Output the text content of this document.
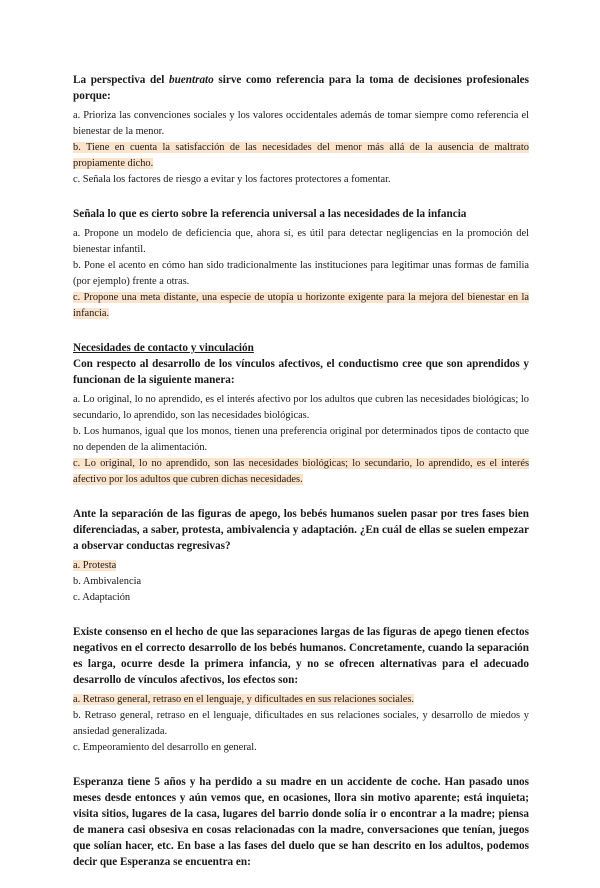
La perspectiva del buentrato sirve como referencia para la toma de decisiones profesionales porque:

a. Prioriza las convenciones sociales y los valores occidentales además de tomar siempre como referencia el bienestar de la menor.

b. Tiene en cuenta la satisfacción de las necesidades del menor más allá de la ausencia de maltrato propiamente dicho.

c. Señala los factores de riesgo a evitar y los factores protectores a fomentar.

Señala lo que es cierto sobre la referencia universal a las necesidades de la infancia

a. Propone un modelo de deficiencia que, ahora sí, es útil para detectar negligencias en la promoción del bienestar infantil.

b. Pone el acento en cómo han sido tradicionalmente las instituciones para legitimar unas formas de familia (por ejemplo) frente a otras.

c. Propone una meta distante, una especie de utopía u horizonte exigente para la mejora del bienestar en la infancia.

Necesidades de contacto y vinculación

Con respecto al desarrollo de los vínculos afectivos, el conductismo cree que son aprendidos y funcionan de la siguiente manera:

a. Lo original, lo no aprendido, es el interés afectivo por los adultos que cubren las necesidades biológicas; lo secundario, lo aprendido, son las necesidades biológicas.

b. Los humanos, igual que los monos, tienen una preferencia original por determinados tipos de contacto que no dependen de la alimentación.

c. Lo original, lo no aprendido, son las necesidades biológicas; lo secundario, lo aprendido, es el interés afectivo por los adultos que cubren dichas necesidades.

Ante la separación de las figuras de apego, los bebés humanos suelen pasar por tres fases bien diferenciadas, a saber, protesta, ambivalencia y adaptación. ¿En cuál de ellas se suelen empezar a observar conductas regresivas?

a. Protesta

b. Ambivalencia

c. Adaptación

Existe consenso en el hecho de que las separaciones largas de las figuras de apego tienen efectos negativos en el correcto desarrollo de los bebés humanos. Concretamente, cuando la separación es larga, ocurre desde la primera infancia, y no se ofrecen alternativas para el adecuado desarrollo de vínculos afectivos, los efectos son:

a. Retraso general, retraso en el lenguaje, y dificultades en sus relaciones sociales.

b. Retraso general, retraso en el lenguaje, dificultades en sus relaciones sociales, y desarrollo de miedos y ansiedad generalizada.

c. Empeoramiento del desarrollo en general.

Esperanza tiene 5 años y ha perdido a su madre en un accidente de coche. Han pasado unos meses desde entonces y aún vemos que, en ocasiones, llora sin motivo aparente; está inquieta; visita sitios, lugares de la casa, lugares del barrio donde solía ir o encontrar a la madre; piensa de manera casi obsesiva en cosas relacionadas con la madre, conversaciones que tenían, juegos que solían hacer, etc. En base a las fases del duelo que se han descrito en los adultos, podemos decir que Esperanza se encuentra en:
